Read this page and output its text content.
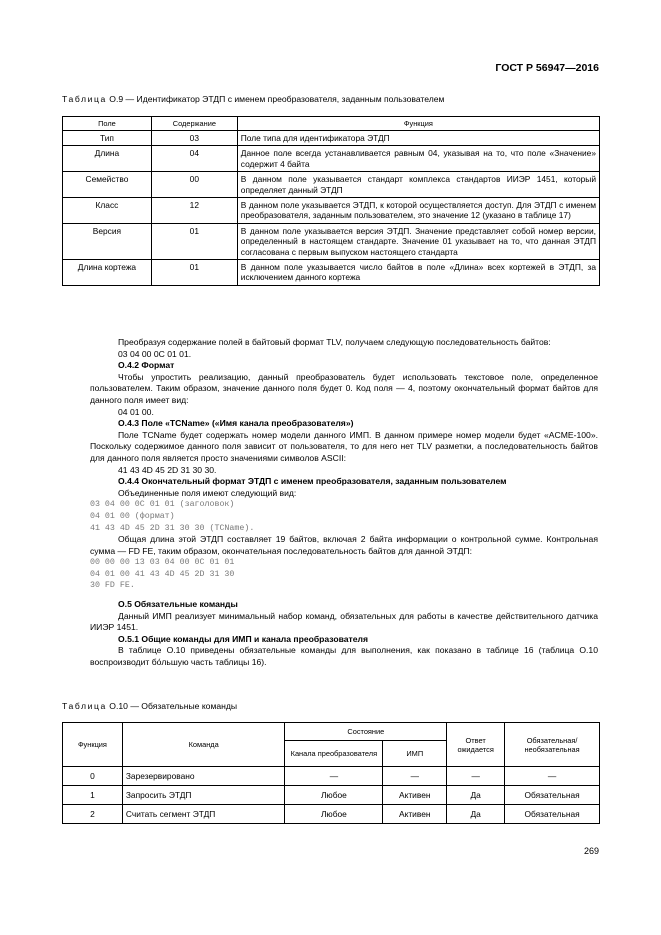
ГОСТ Р 56947—2016
Таблица О.9 — Идентификатор ЭТДП с именем преобразователя, заданным пользователем
Поле	Содержание	Функция
Тип	03	Поле типа для идентификатора ЭТДП
Длина	04	Данное поле всегда устанавливается равным 04, указывая на то, что поле «Значение» содержит 4 байта
Семейство	00	В данном поле указывается стандарт комплекса стандартов ИИЭР 1451, который определяет данный ЭТДП
Класс	12	В данном поле указывается ЭТДП, к которой осуществляется доступ. Для ЭТДП с именем преобразователя, заданным пользователем, это значение 12 (указано в таблице 17)
Версия	01	В данном поле указывается версия ЭТДП. Значение представляет собой номер версии, определенный в настоящем стандарте. Значение 01 указывает на то, что данная ЭТДП согласована с первым выпуском настоящего стандарта
Длина кортежа	01	В данном поле указывается число байтов в поле «Длина» всех кортежей в ЭТДП, за исключением данного кортежа

Преобразуя содержание полей в байтовый формат TLV, получаем следующую последовательность байтов:

03 04 00 0C 01 01.

О.4.2 Формат

Чтобы упростить реализацию, данный преобразователь будет использовать текстовое поле, определенное пользователем. Таким образом, значение данного поля будет 0. Код поля — 4, поэтому окончательный формат байтов для данного поля имеет вид:

04 01 00.

О.4.3 Поле «TCName» («Имя канала преобразователя»)

Поле TCName будет содержать номер модели данного ИМП. В данном примере номер модели будет «ACME-100». Поскольку содержимое данного поля зависит от пользователя, то для него нет TLV разметки, а последовательность байтов для данного поля является просто значениями символов ASCII:

41 43 4D 45 2D 31 30 30.

О.4.4 Окончательный формат ЭТДП с именем преобразователя, заданным пользователем

Объединенные поля имеют следующий вид:

03 04 00 0C 01 01 (заголовок)

04 01 00 (формат)

41 43 4D 45 2D 31 30 30 (TCName).

Общая длина этой ЭТДП составляет 19 байтов, включая 2 байта информации о контрольной сумме. Контрольная сумма — FD FE, таким образом, окончательная последовательность байтов для данной ЭТДП:

00 00 00 13 03 04 00 0C 01 01

04 01 00 41 43 4D 45 2D 31 30

30 FD FE.

О.5 Обязательные команды

Данный ИМП реализует минимальный набор команд, обязательных для работы в качестве действительного датчика ИИЭР 1451.

О.5.1 Общие команды для ИМП и канала преобразователя

В таблице О.10 приведены обязательные команды для выполнения, как показано в таблице 16 (таблица О.10 воспроизводит бо́льшую часть таблицы 16).

Таблица О.10 — Обязательные команды
Функция	Команда	Состояние		Ответ ожидается	Обязательная/ необязательная
		Канала преобразователя	ИМП		
0	Зарезервировано	—	—	—	—
1	Запросить ЭТДП	Любое	Активен	Да	Обязательная
2	Считать сегмент ЭТДП	Любое	Активен	Да	Обязательная
269
